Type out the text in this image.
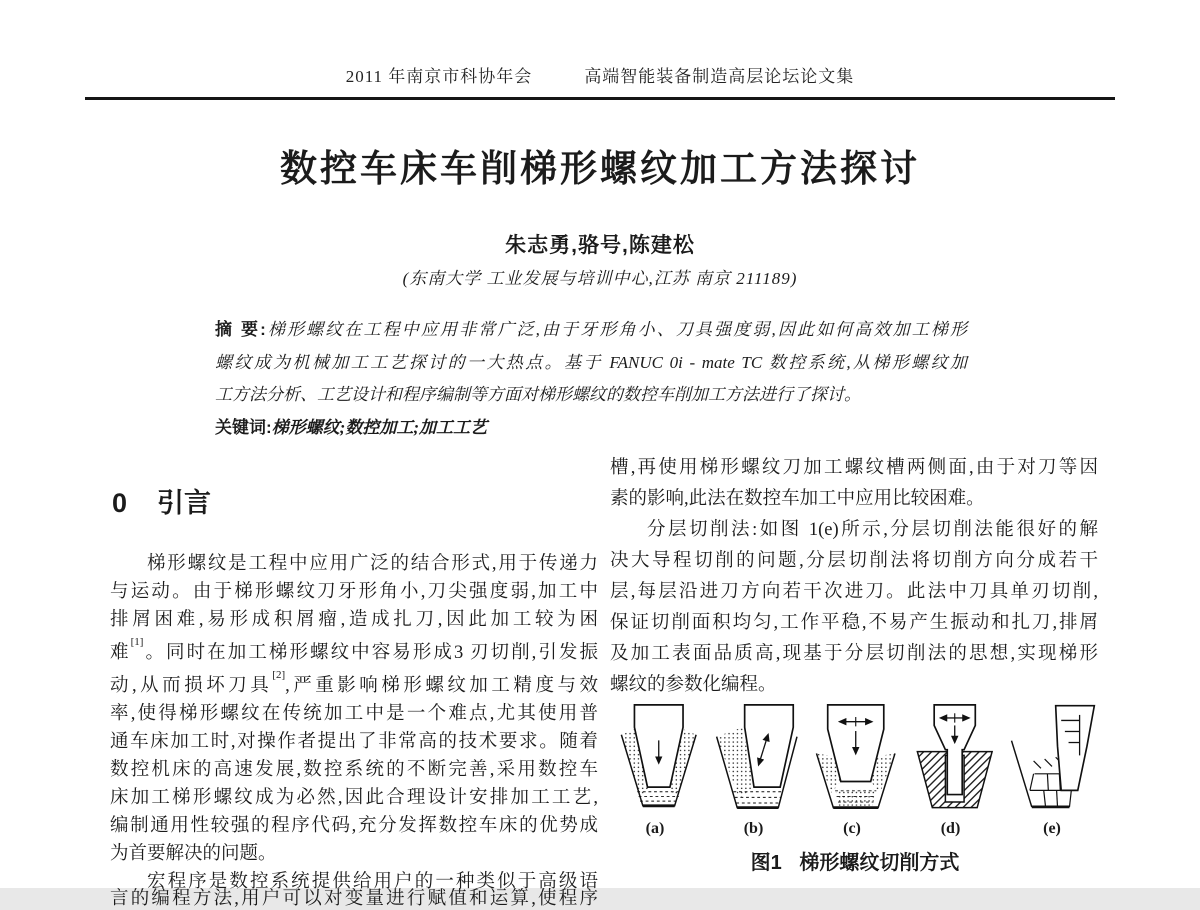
2011 年南京市科协年会	高端智能装备制造高层论坛论文集
数控车床车削梯形螺纹加工方法探讨
朱志勇,骆号,陈建松
(东南大学 工业发展与培训中心,江苏 南京 211189)
摘 要:梯形螺纹在工程中应用非常广泛,由于牙形角小、刀具强度弱,因此如何高效加工梯形
螺纹成为机械加工工艺探讨的一大热点。基于 FANUC 0i - mate TC 数控系统,从梯形螺纹加
工方法分析、工艺设计和程序编制等方面对梯形螺纹的数控车削加工方法进行了探讨。
关键词:梯形螺纹;数控加工;加工工艺
0 引言
梯形螺纹是工程中应用广泛的结合形式,用于传递力
与运动。由于梯形螺纹刀牙形角小,刀尖强度弱,加工中
排屑困难,易形成积屑瘤,造成扎刀,因此加工较为困
难[1]。同时在加工梯形螺纹中容易形成3 刃切削,引发振
动,从而损坏刀具[2],严重影响梯形螺纹加工精度与效
率,使得梯形螺纹在传统加工中是一个难点,尤其使用普
通车床加工时,对操作者提出了非常高的技术要求。随着
数控机床的高速发展,数控系统的不断完善,采用数控车
床加工梯形螺纹成为必然,因此合理设计安排加工工艺,
编制通用性较强的程序代码,充分发挥数控车床的优势成
为首要解决的问题。
宏程序是数控系统提供给用户的一种类似于高级语
言的编程方法,用户可以对变量进行赋值和运算,使程序
槽,再使用梯形螺纹刀加工螺纹槽两侧面,由于对刀等因
素的影响,此法在数控车加工中应用比较困难。
分层切削法:如图 1(e)所示,分层切削法能很好的解
决大导程切削的问题,分层切削法将切削方向分成若干
层,每层沿进刀方向若干次进刀。此法中刀具单刃切削,
保证切削面积均匀,工作平稳,不易产生振动和扎刀,排屑
及加工表面品质高,现基于分层切削法的思想,实现梯形
螺纹的参数化编程。
(a)	(b)	(c)	(d)	(e)
图1 梯形螺纹切削方式
